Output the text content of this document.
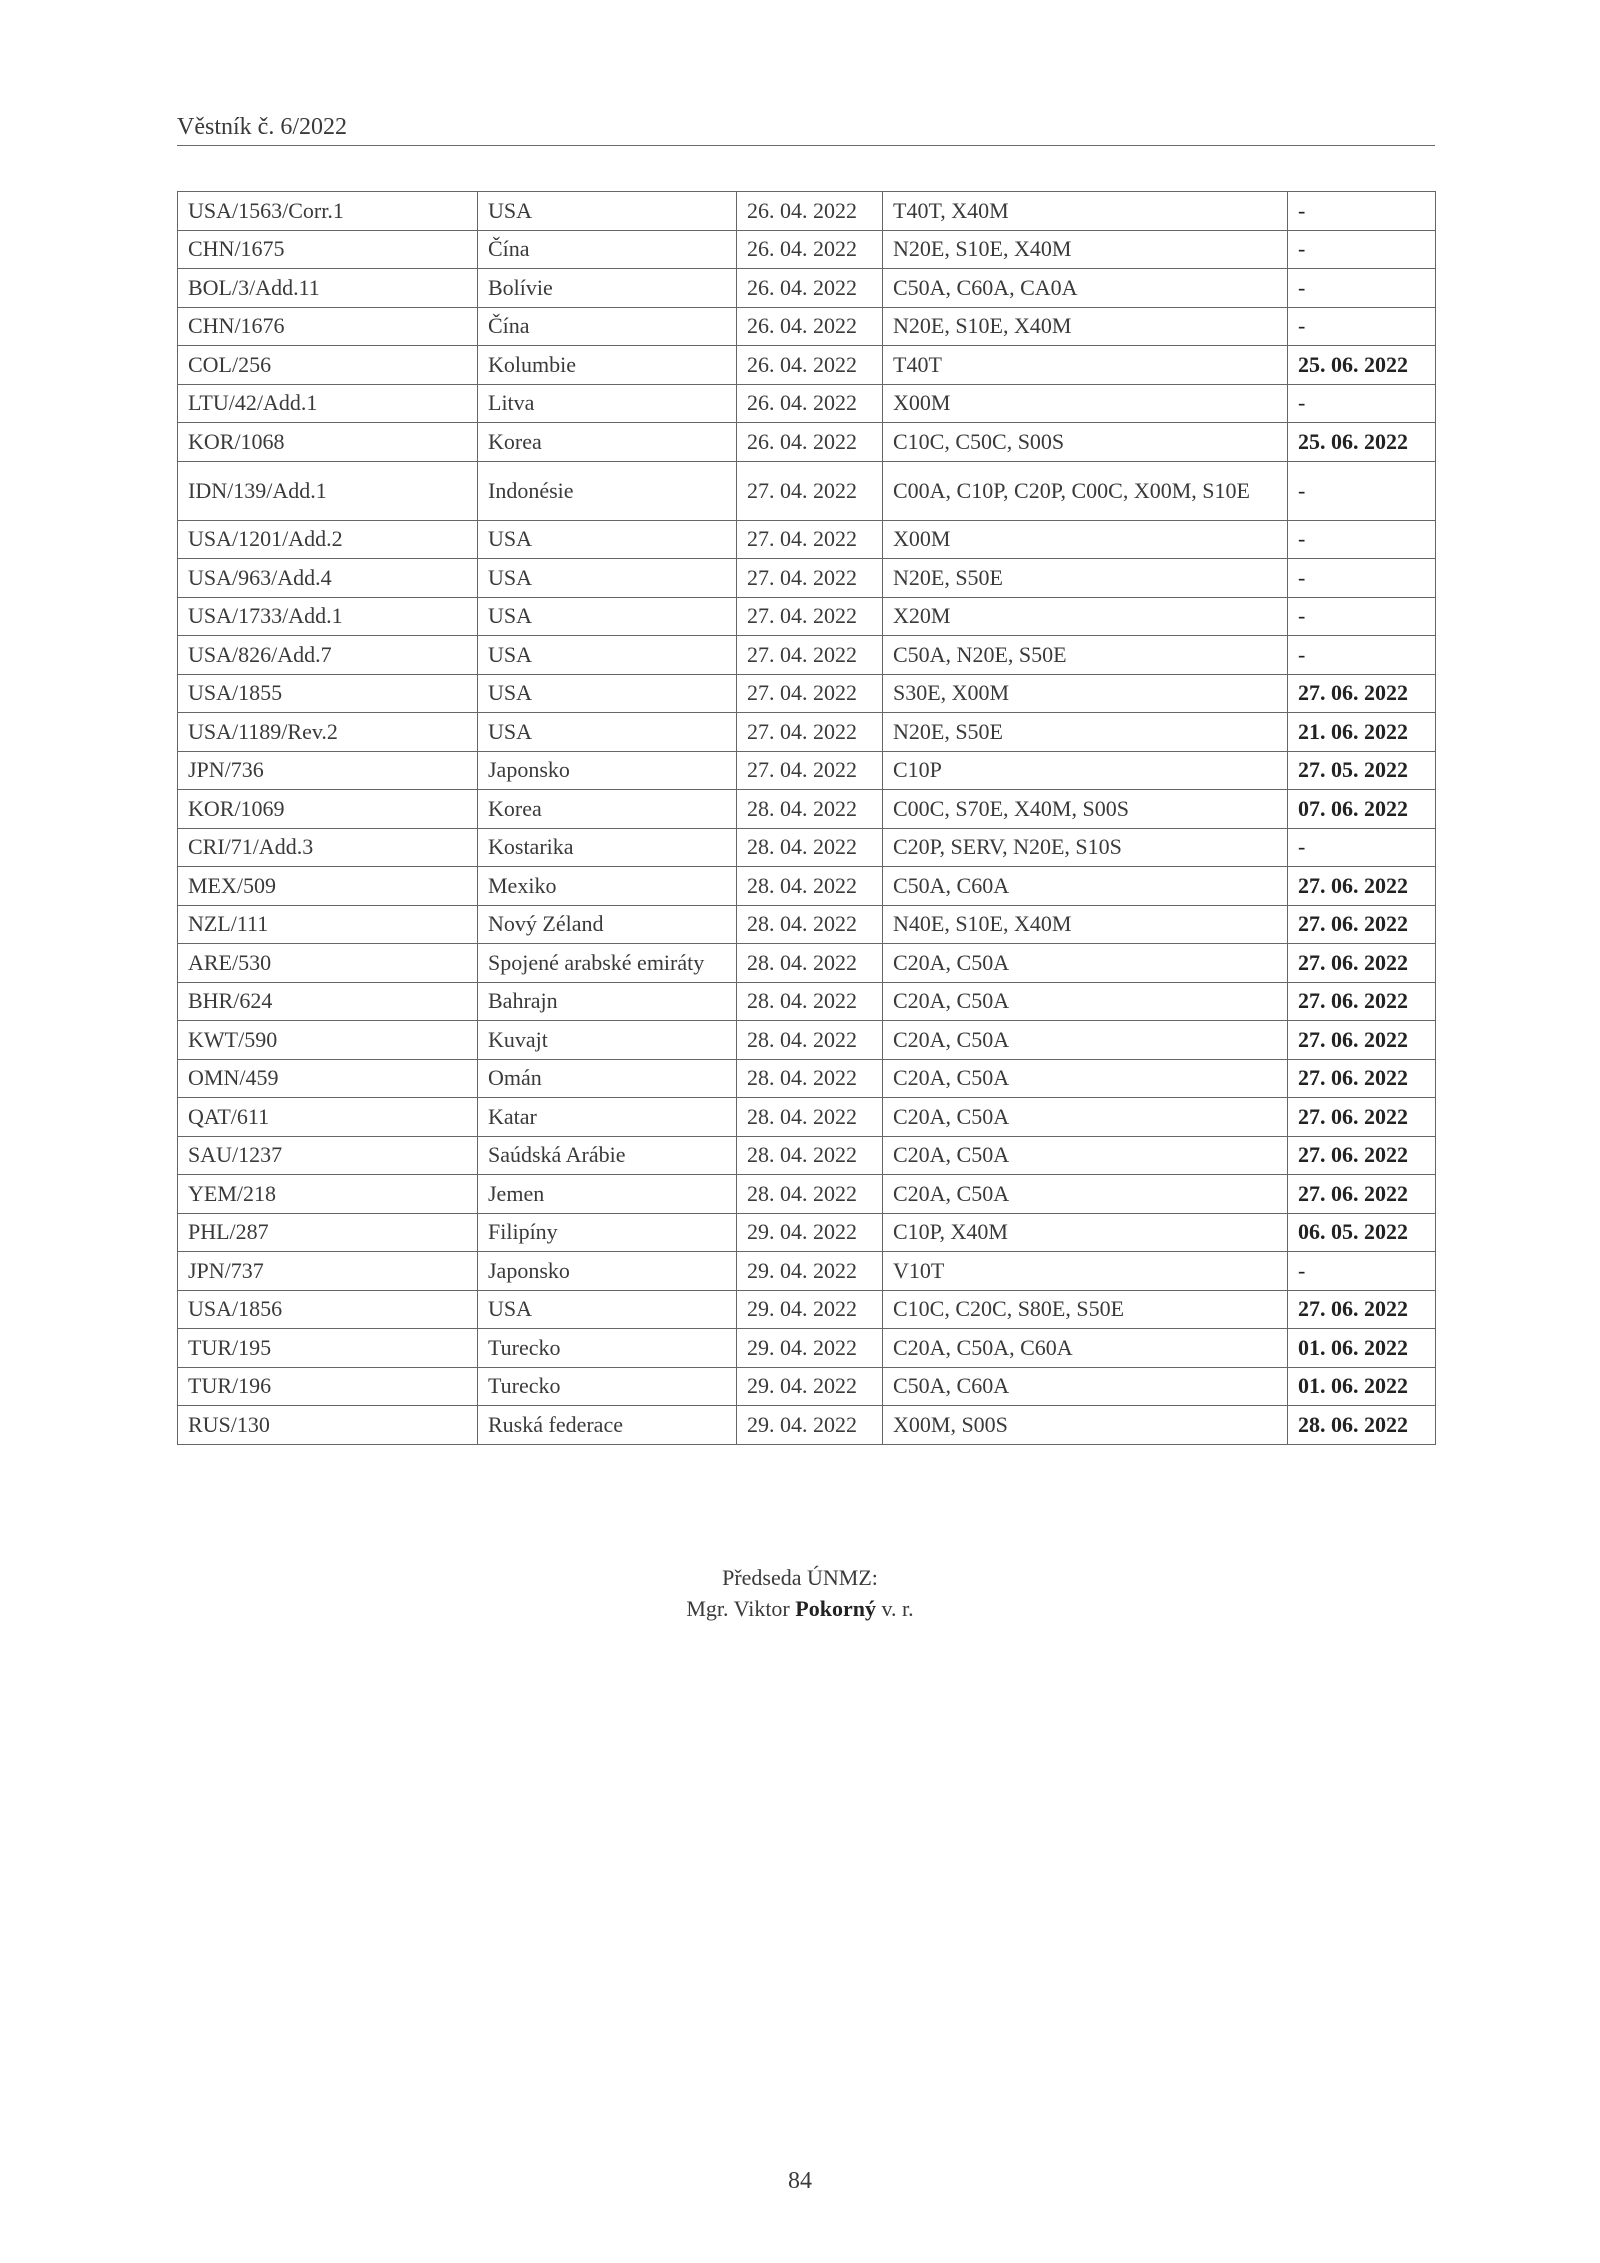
Věstník č. 6/2022
USA/1563/Corr.1	USA	26. 04. 2022	T40T, X40M	-
CHN/1675	Čína	26. 04. 2022	N20E, S10E, X40M	-
BOL/3/Add.11	Bolívie	26. 04. 2022	C50A, C60A, CA0A	-
CHN/1676	Čína	26. 04. 2022	N20E, S10E, X40M	-
COL/256	Kolumbie	26. 04. 2022	T40T	25. 06. 2022
LTU/42/Add.1	Litva	26. 04. 2022	X00M	-
KOR/1068	Korea	26. 04. 2022	C10C, C50C, S00S	25. 06. 2022
IDN/139/Add.1	Indonésie	27. 04. 2022	C00A, C10P, C20P, C00C, X00M, S10E	-
USA/1201/Add.2	USA	27. 04. 2022	X00M	-
USA/963/Add.4	USA	27. 04. 2022	N20E, S50E	-
USA/1733/Add.1	USA	27. 04. 2022	X20M	-
USA/826/Add.7	USA	27. 04. 2022	C50A, N20E, S50E	-
USA/1855	USA	27. 04. 2022	S30E, X00M	27. 06. 2022
USA/1189/Rev.2	USA	27. 04. 2022	N20E, S50E	21. 06. 2022
JPN/736	Japonsko	27. 04. 2022	C10P	27. 05. 2022
KOR/1069	Korea	28. 04. 2022	C00C, S70E, X40M, S00S	07. 06. 2022
CRI/71/Add.3	Kostarika	28. 04. 2022	C20P, SERV, N20E, S10S	-
MEX/509	Mexiko	28. 04. 2022	C50A, C60A	27. 06. 2022
NZL/111	Nový Zéland	28. 04. 2022	N40E, S10E, X40M	27. 06. 2022
ARE/530	Spojené arabské emiráty	28. 04. 2022	C20A, C50A	27. 06. 2022
BHR/624	Bahrajn	28. 04. 2022	C20A, C50A	27. 06. 2022
KWT/590	Kuvajt	28. 04. 2022	C20A, C50A	27. 06. 2022
OMN/459	Omán	28. 04. 2022	C20A, C50A	27. 06. 2022
QAT/611	Katar	28. 04. 2022	C20A, C50A	27. 06. 2022
SAU/1237	Saúdská Arábie	28. 04. 2022	C20A, C50A	27. 06. 2022
YEM/218	Jemen	28. 04. 2022	C20A, C50A	27. 06. 2022
PHL/287	Filipíny	29. 04. 2022	C10P, X40M	06. 05. 2022
JPN/737	Japonsko	29. 04. 2022	V10T	-
USA/1856	USA	29. 04. 2022	C10C, C20C, S80E, S50E	27. 06. 2022
TUR/195	Turecko	29. 04. 2022	C20A, C50A, C60A	01. 06. 2022
TUR/196	Turecko	29. 04. 2022	C50A, C60A	01. 06. 2022
RUS/130	Ruská federace	29. 04. 2022	X00M, S00S	28. 06. 2022
Předseda ÚNMZ:
Mgr. Viktor Pokorný v. r.
84
